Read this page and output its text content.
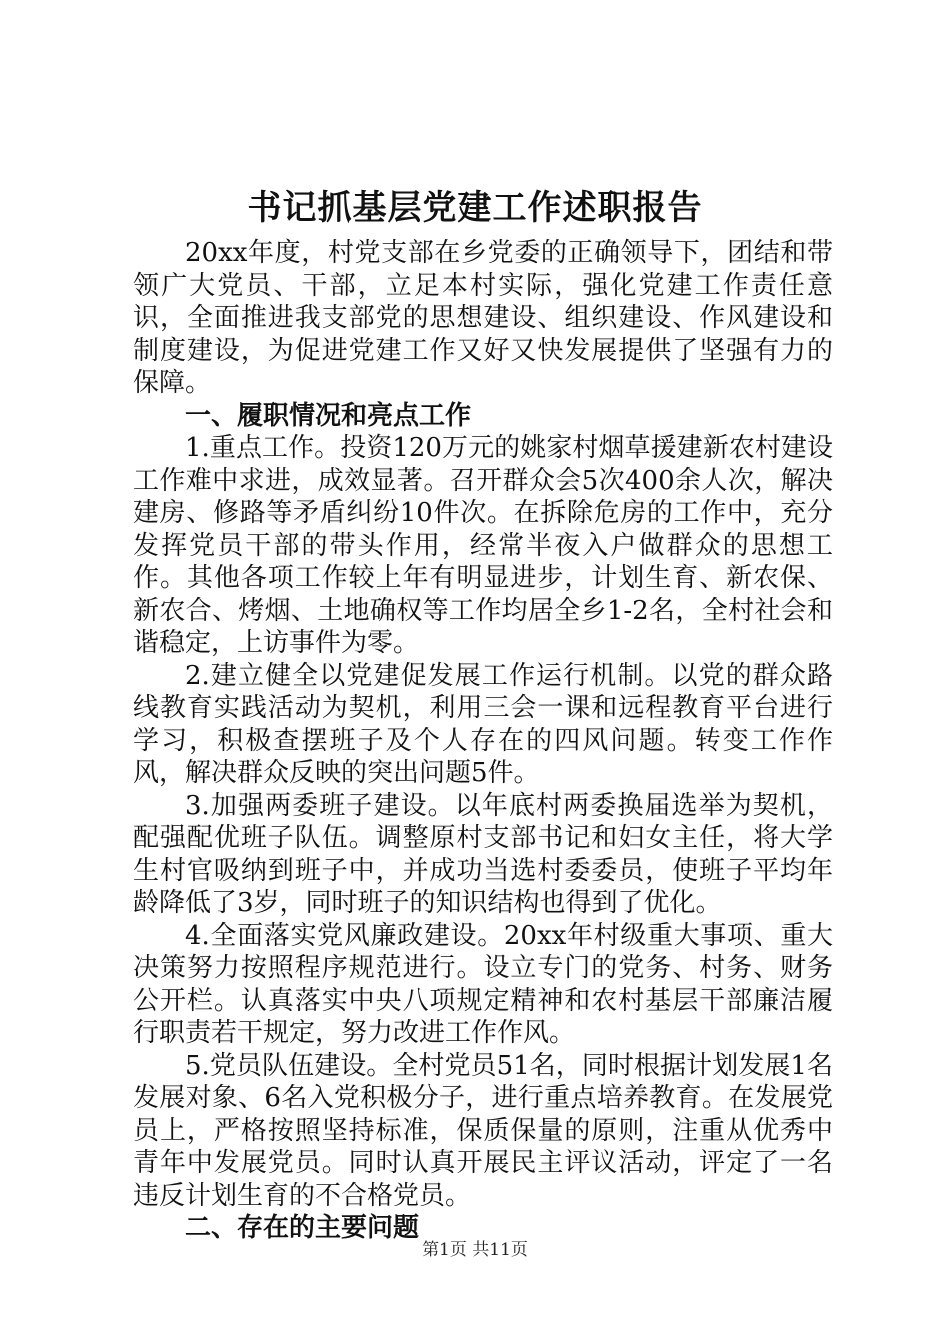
书记抓基层党建工作述职报告

20xx年度，村党支部在乡党委的正确领导下，团结和带领广大党员、干部，立足本村实际，强化党建工作责任意识，全面推进我支部党的思想建设、组织建设、作风建设和制度建设，为促进党建工作又好又快发展提供了坚强有力的保障。

一、履职情况和亮点工作

1.重点工作。投资120万元的姚家村烟草援建新农村建设工作难中求进，成效显著。召开群众会5次400余人次，解决建房、修路等矛盾纠纷10件次。在拆除危房的工作中，充分发挥党员干部的带头作用，经常半夜入户做群众的思想工作。其他各项工作较上年有明显进步，计划生育、新农保、新农合、烤烟、土地确权等工作均居全乡1-2名，全村社会和谐稳定，上访事件为零。

2.建立健全以党建促发展工作运行机制。以党的群众路线教育实践活动为契机，利用三会一课和远程教育平台进行学习，积极查摆班子及个人存在的四风问题。转变工作作风，解决群众反映的突出问题5件。

3.加强两委班子建设。以年底村两委换届选举为契机，配强配优班子队伍。调整原村支部书记和妇女主任，将大学生村官吸纳到班子中，并成功当选村委委员，使班子平均年龄降低了3岁，同时班子的知识结构也得到了优化。

4.全面落实党风廉政建设。20xx年村级重大事项、重大决策努力按照程序规范进行。设立专门的党务、村务、财务公开栏。认真落实中央八项规定精神和农村基层干部廉洁履行职责若干规定，努力改进工作作风。

5.党员队伍建设。全村党员51名，同时根据计划发展1名发展对象、6名入党积极分子，进行重点培养教育。在发展党员上，严格按照坚持标准，保质保量的原则，注重从优秀中青年中发展党员。同时认真开展民主评议活动，评定了一名违反计划生育的不合格党员。

二、存在的主要问题
第1页 共11页
